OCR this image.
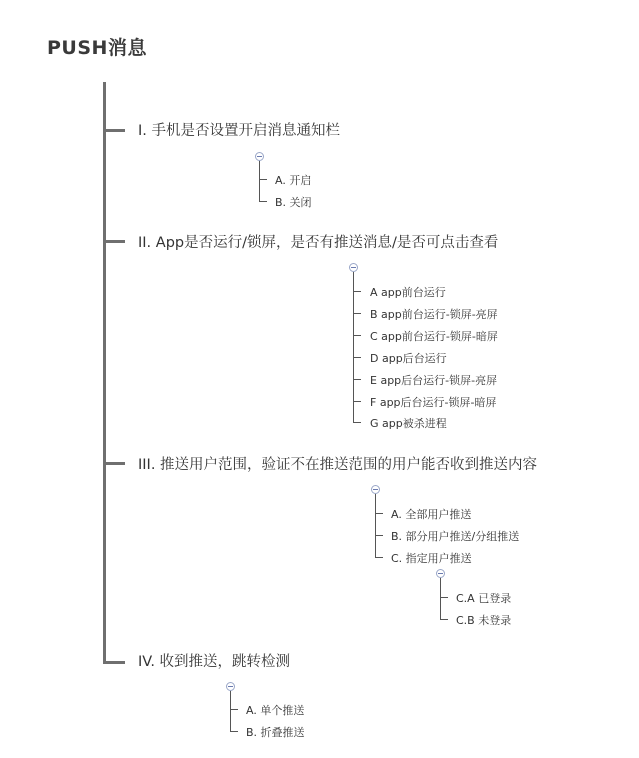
PUSH消息
I. 手机是否设置开启消息通知栏
A. 开启
B. 关闭
II. App是否运行/锁屏，是否有推送消息/是否可点击查看
A app前台运行
B app前台运行-锁屏-亮屏
C app前台运行-锁屏-暗屏
D app后台运行
E app后台运行-锁屏-亮屏
F app后台运行-锁屏-暗屏
G app被杀进程
III. 推送用户范围，验证不在推送范围的用户能否收到推送内容
A. 全部用户推送
B. 部分用户推送/分组推送
C. 指定用户推送
C.A 已登录
C.B 未登录
IV. 收到推送，跳转检测
A. 单个推送
B. 折叠推送
